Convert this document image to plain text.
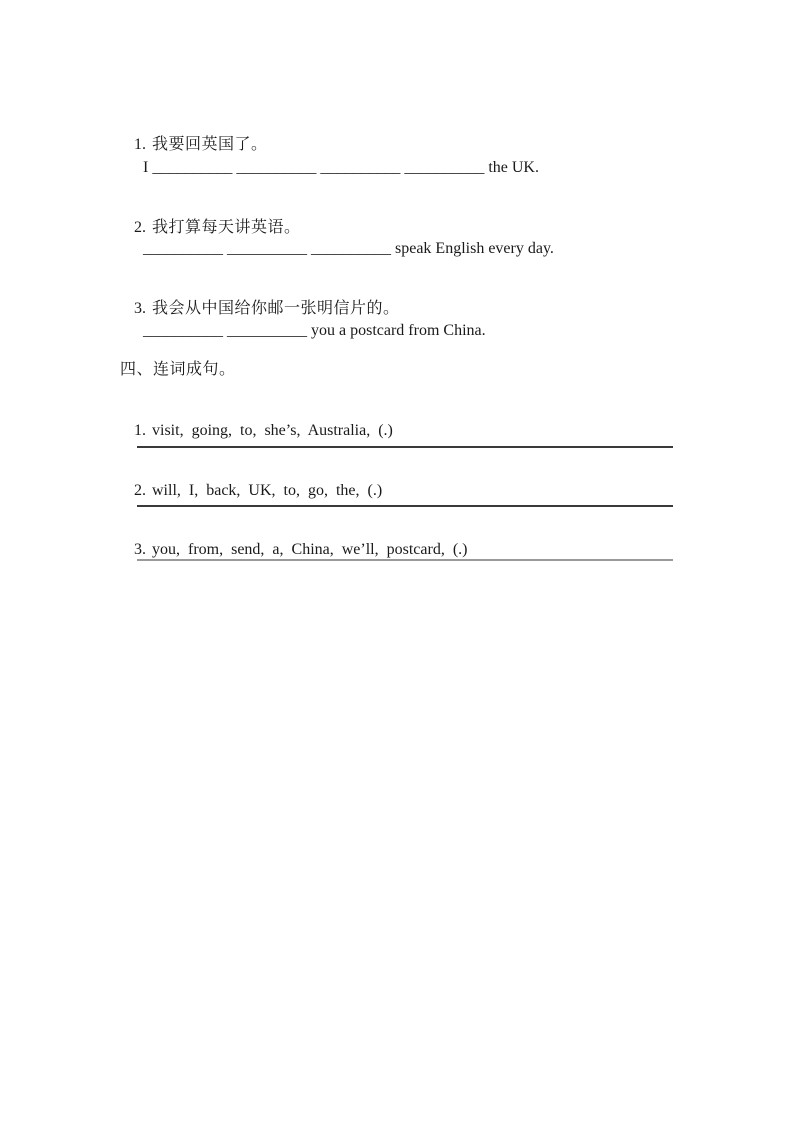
1. 我要回英国了。

I __________ __________ __________ __________ the UK.

2. 我打算每天讲英语。

__________ __________ __________ speak English every day.

3. 我会从中国给你邮一张明信片的。

__________ __________ you a postcard from China.
四、连词成句。

1. visit,  going,  to,  she’s,  Australia,  (.)

2. will,  I,  back,  UK,  to,  go,  the,  (.)

3. you,  from,  send,  a,  China,  we’ll,  postcard,  (.)
